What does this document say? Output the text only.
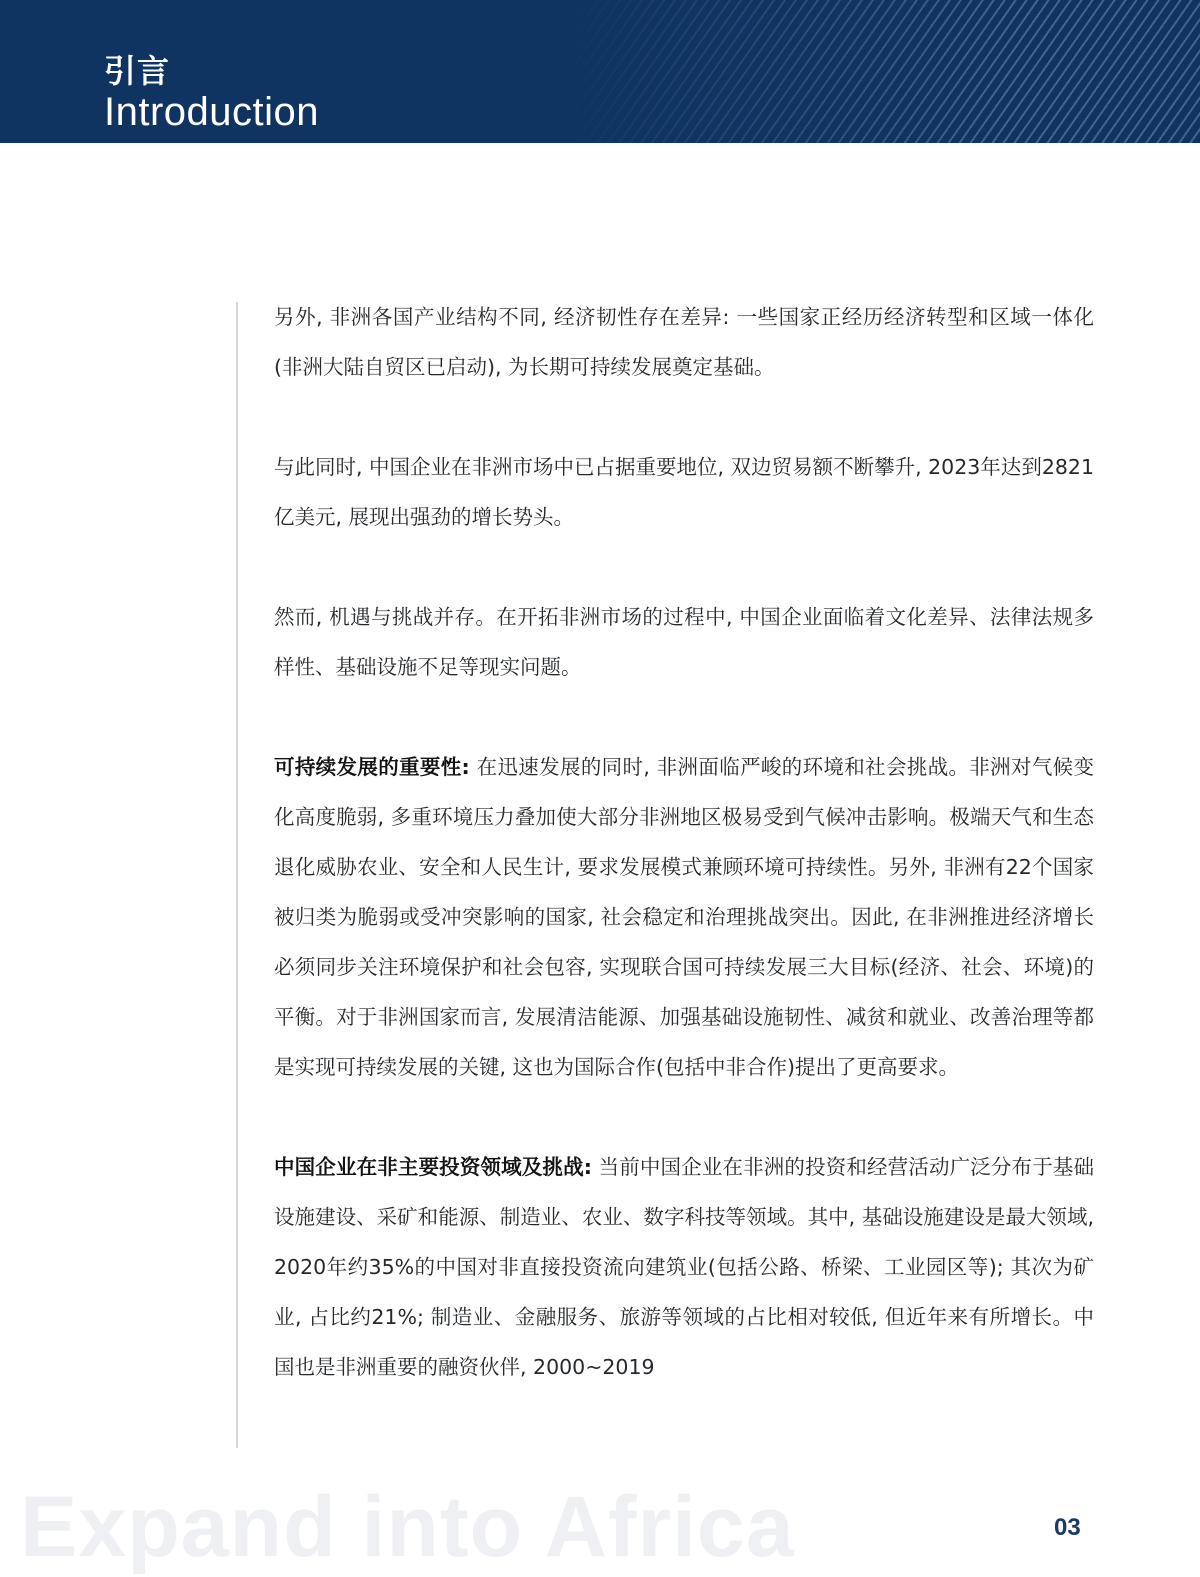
引言
Introduction

另外, 非洲各国产业结构不同, 经济韧性存在差异: 一些国家正经历经济转型和区域一体化(非洲大陆自贸区已启动), 为长期可持续发展奠定基础。

与此同时, 中国企业在非洲市场中已占据重要地位, 双边贸易额不断攀升, 2023年达到2821亿美元, 展现出强劲的增长势头。

然而, 机遇与挑战并存。在开拓非洲市场的过程中, 中国企业面临着文化差异、法律法规多样性、基础设施不足等现实问题。

可持续发展的重要性: 在迅速发展的同时, 非洲面临严峻的环境和社会挑战。非洲对气候变化高度脆弱, 多重环境压力叠加使大部分非洲地区极易受到气候冲击影响。极端天气和生态退化威胁农业、安全和人民生计, 要求发展模式兼顾环境可持续性。另外, 非洲有22个国家被归类为脆弱或受冲突影响的国家, 社会稳定和治理挑战突出。因此, 在非洲推进经济增长必须同步关注环境保护和社会包容, 实现联合国可持续发展三大目标(经济、社会、环境)的平衡。对于非洲国家而言, 发展清洁能源、加强基础设施韧性、减贫和就业、改善治理等都是实现可持续发展的关键, 这也为国际合作(包括中非合作)提出了更高要求。

中国企业在非主要投资领域及挑战: 当前中国企业在非洲的投资和经营活动广泛分布于基础设施建设、采矿和能源、制造业、农业、数字科技等领域。其中, 基础设施建设是最大领域, 2020年约35%的中国对非直接投资流向建筑业(包括公路、桥梁、工业园区等); 其次为矿业, 占比约21%; 制造业、金融服务、旅游等领域的占比相对较低, 但近年来有所增长。中国也是非洲重要的融资伙伴, 2000~2019

Expand into Africa	03
